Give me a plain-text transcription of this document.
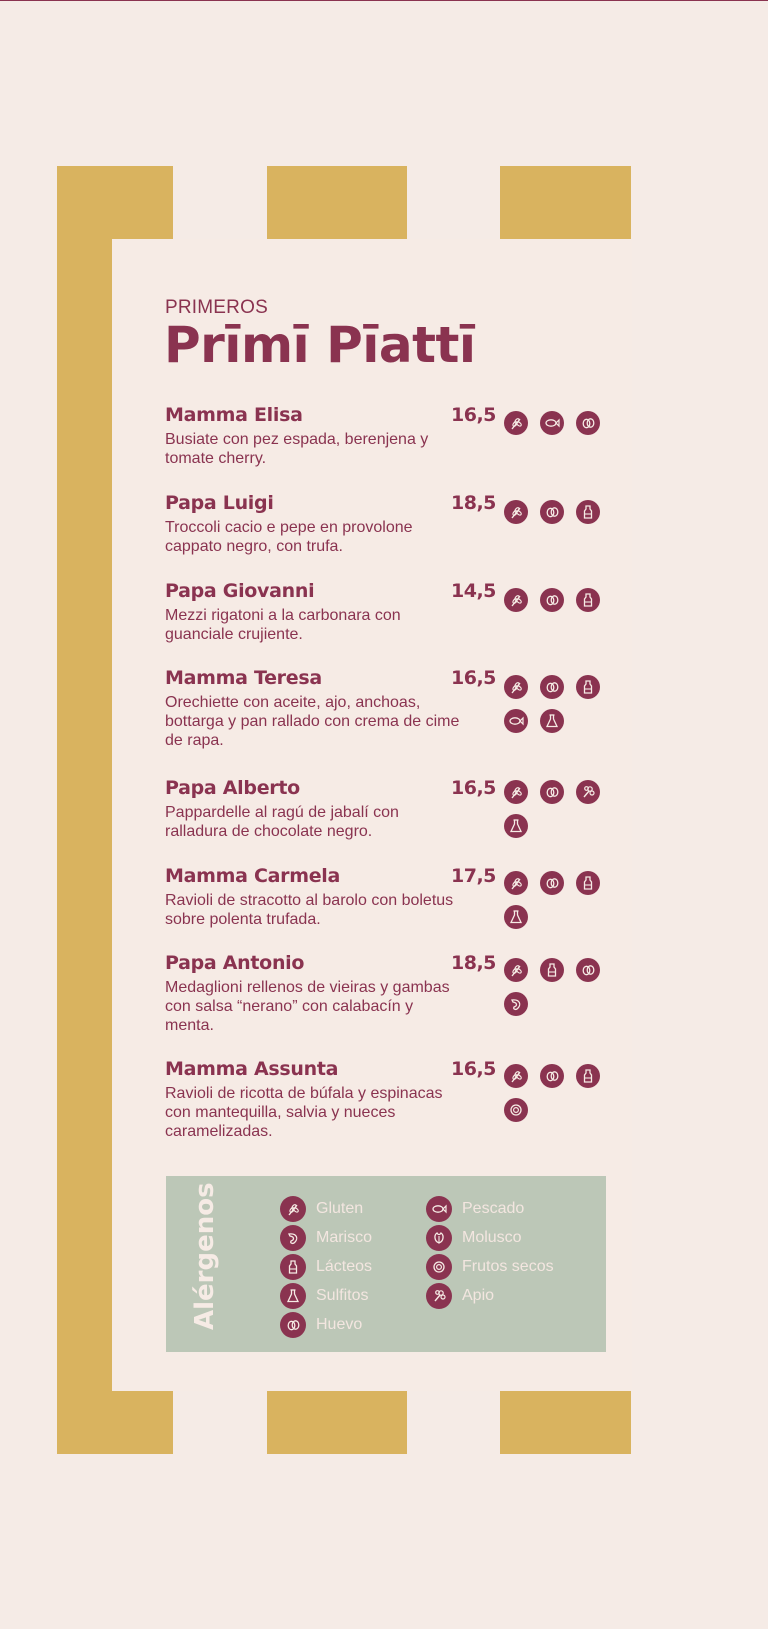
PRIMEROS
Prīmī Pīattī
Mamma Elisa
Busiate con pez espada, berenjena y tomate cherry.
16,5
Papa Luigi
Troccoli cacio e pepe en provolone cappato negro, con trufa.
18,5
Papa Giovanni
Mezzi rigatoni a la carbonara con guanciale crujiente.
14,5
Mamma Teresa
Orechiette con aceite, ajo, anchoas, bottarga y pan rallado con crema de cime de rapa.
16,5
Papa Alberto
Pappardelle al ragú de jabalí con ralladura de chocolate negro.
16,5
Mamma Carmela
Ravioli de stracotto al barolo con boletus sobre polenta trufada.
17,5
Papa Antonio
Medaglioni rellenos de vieiras y gambas con salsa “nerano” con calabacín y menta.
18,5
Mamma Assunta
Ravioli de ricotta de búfala y espinacas con mantequilla, salvia y nueces caramelizadas.
16,5
Alérgenos	Gluten
Marisco
Lácteos
Sulfitos
Huevo
Pescado
Molusco
Frutos secos
Apio
